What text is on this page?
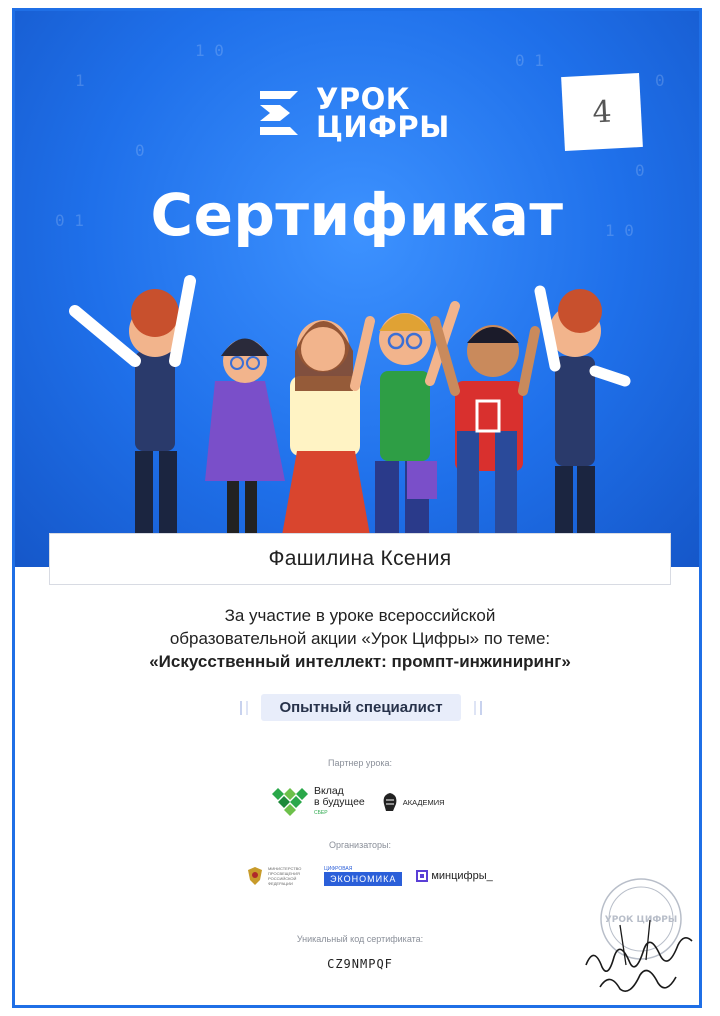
1
0
0 1
0
1 0
0 1
1 0
0
УРОК
ЦИФРЫ	4
Сертификат
Фашилина Ксения
За участие в уроке всероссийской
образовательной акции «Урок Цифры» по теме:
«Искусственный интеллект: промпт-инжиниринг»
Опытный специалист
Партнер урока:
Вклад
в будущее
СБЕР
АКАДЕМИЯ
Организаторы:
МИНИСТЕРСТВО ПРОСВЕЩЕНИЯ РОССИЙСКОЙ ФЕДЕРАЦИИ
ЦИФРОВАЯ
ЭКОНОМИКА	минцифры_
Уникальный код сертификата:
CZ9NMPQF
УРОК ЦИФРЫ
